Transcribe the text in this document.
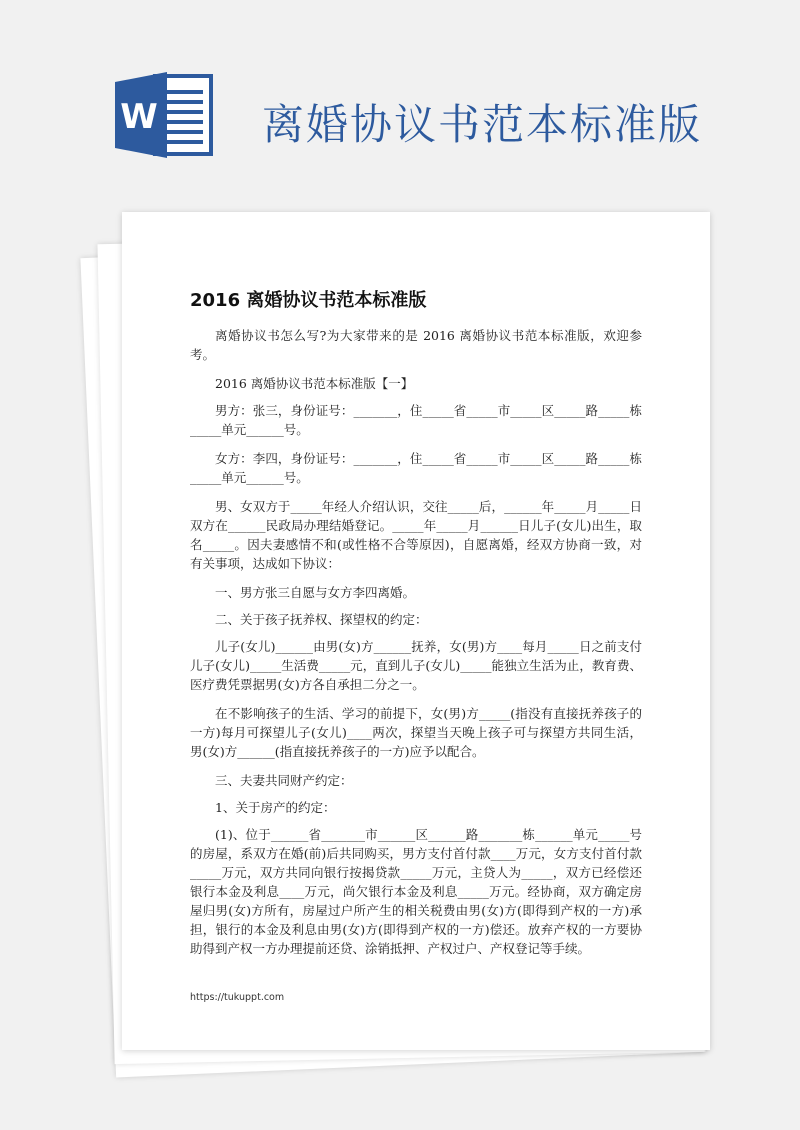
W 离婚协议书范本标准版
2016 离婚协议书范本标准版

离婚协议书怎么写?为大家带来的是 2016 离婚协议书范本标准版，欢迎参考。

2016 离婚协议书范本标准版【一】

男方：张三，身份证号：_______，住_____省_____市_____区_____路_____栋_____单元______号。

女方：李四，身份证号：_______，住_____省_____市_____区_____路_____栋_____单元______号。

男、女双方于_____年经人介绍认识，交往_____后，______年_____月_____日双方在______民政局办理结婚登记。_____年_____月______日儿子(女儿)出生，取名_____。因夫妻感情不和(或性格不合等原因)，自愿离婚，经双方协商一致，对有关事项，达成如下协议：

一、男方张三自愿与女方李四离婚。

二、关于孩子抚养权、探望权的约定：

儿子(女儿)______由男(女)方______抚养，女(男)方____每月_____日之前支付儿子(女儿)_____生活费_____元，直到儿子(女儿)_____能独立生活为止，教育费、医疗费凭票据男(女)方各自承担二分之一。

在不影响孩子的生活、学习的前提下，女(男)方_____(指没有直接抚养孩子的一方)每月可探望儿子(女儿)____两次，探望当天晚上孩子可与探望方共同生活，男(女)方______(指直接抚养孩子的一方)应予以配合。

三、夫妻共同财产约定：

1、关于房产的约定：

(1)、位于______省_______市______区______路_______栋______单元_____号的房屋，系双方在婚(前)后共同购买，男方支付首付款____万元，女方支付首付款_____万元，双方共同向银行按揭贷款_____万元，主贷人为_____，双方已经偿还银行本金及利息____万元，尚欠银行本金及利息_____万元。经协商，双方确定房屋归男(女)方所有，房屋过户所产生的相关税费由男(女)方(即得到产权的一方)承担，银行的本金及利息由男(女)方(即得到产权的一方)偿还。放弃产权的一方要协助得到产权一方办理提前还贷、涂销抵押、产权过户、产权登记等手续。

https://tukuppt.com
